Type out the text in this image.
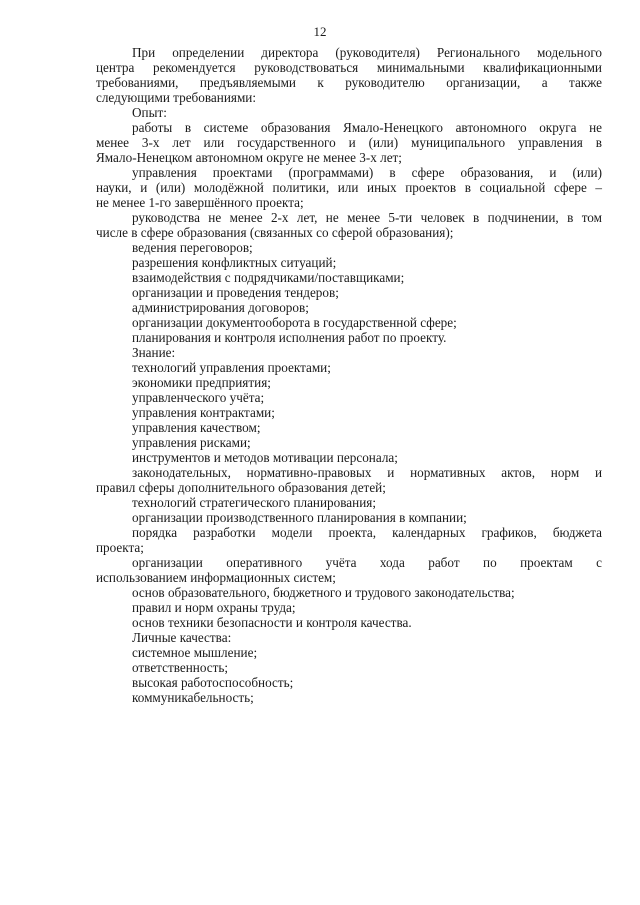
12

При определении директора (руководителя) Регионального модельного

центра рекомендуется руководствоваться минимальными квалификационными

требованиями, предъявляемыми к руководителю организации, а также

следующими требованиями:

Опыт:

работы в системе образования Ямало-Ненецкого автономного округа не

менее 3-х лет или государственного и (или) муниципального управления в

Ямало-Ненецком автономном округе не менее 3-х лет;

управления проектами (программами) в сфере образования, и (или)

науки, и (или) молодёжной политики, или иных проектов в социальной сфере –

не менее 1-го завершённого проекта;

руководства не менее 2-х лет, не менее 5-ти человек в подчинении, в том

числе в сфере образования (связанных со сферой образования);

ведения переговоров;

разрешения конфликтных ситуаций;

взаимодействия с подрядчиками/поставщиками;

организации и проведения тендеров;

администрирования договоров;

организации документооборота в государственной сфере;

планирования и контроля исполнения работ по проекту.

Знание:

технологий управления проектами;

экономики предприятия;

управленческого учёта;

управления контрактами;

управления качеством;

управления рисками;

инструментов и методов мотивации персонала;

законодательных, нормативно-правовых и нормативных актов, норм и

правил сферы дополнительного образования детей;

технологий стратегического планирования;

организации производственного планирования в компании;

порядка разработки модели проекта, календарных графиков, бюджета

проекта;

организации оперативного учёта хода работ по проектам с

использованием информационных систем;

основ образовательного, бюджетного и трудового законодательства;

правил и норм охраны труда;

основ техники безопасности и контроля качества.

Личные качества:

системное мышление;

ответственность;

высокая работоспособность;

коммуникабельность;
